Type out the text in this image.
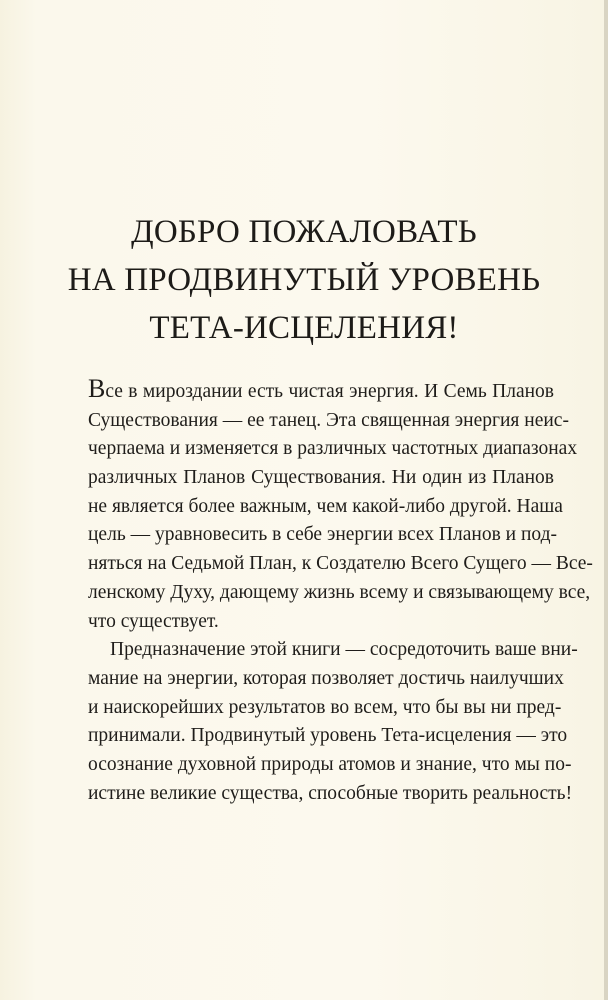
ДОБРО ПОЖАЛОВАТЬ
НА ПРОДВИНУТЫЙ УРОВЕНЬ
ТЕТА-ИСЦЕЛЕНИЯ!

Все в мироздании есть чистая энергия. И Семь Планов
Существования — ее танец. Эта священная энергия неис-
черпаема и изменяется в различных частотных диапазонах
различных Планов Существования. Ни один из Планов
не является более важным, чем какой-либо другой. Наша
цель — уравновесить в себе энергии всех Планов и под-
няться на Седьмой План, к Создателю Всего Сущего — Все-
ленскому Духу, дающему жизнь всему и связывающему все,
что существует.

Предназначение этой книги — сосредоточить ваше вни-
мание на энергии, которая позволяет достичь наилучших
и наискорейших результатов во всем, что бы вы ни пред-
принимали. Продвинутый уровень Тета-исцеления — это
осознание духовной природы атомов и знание, что мы по-
истине великие существа, способные творить реальность!
